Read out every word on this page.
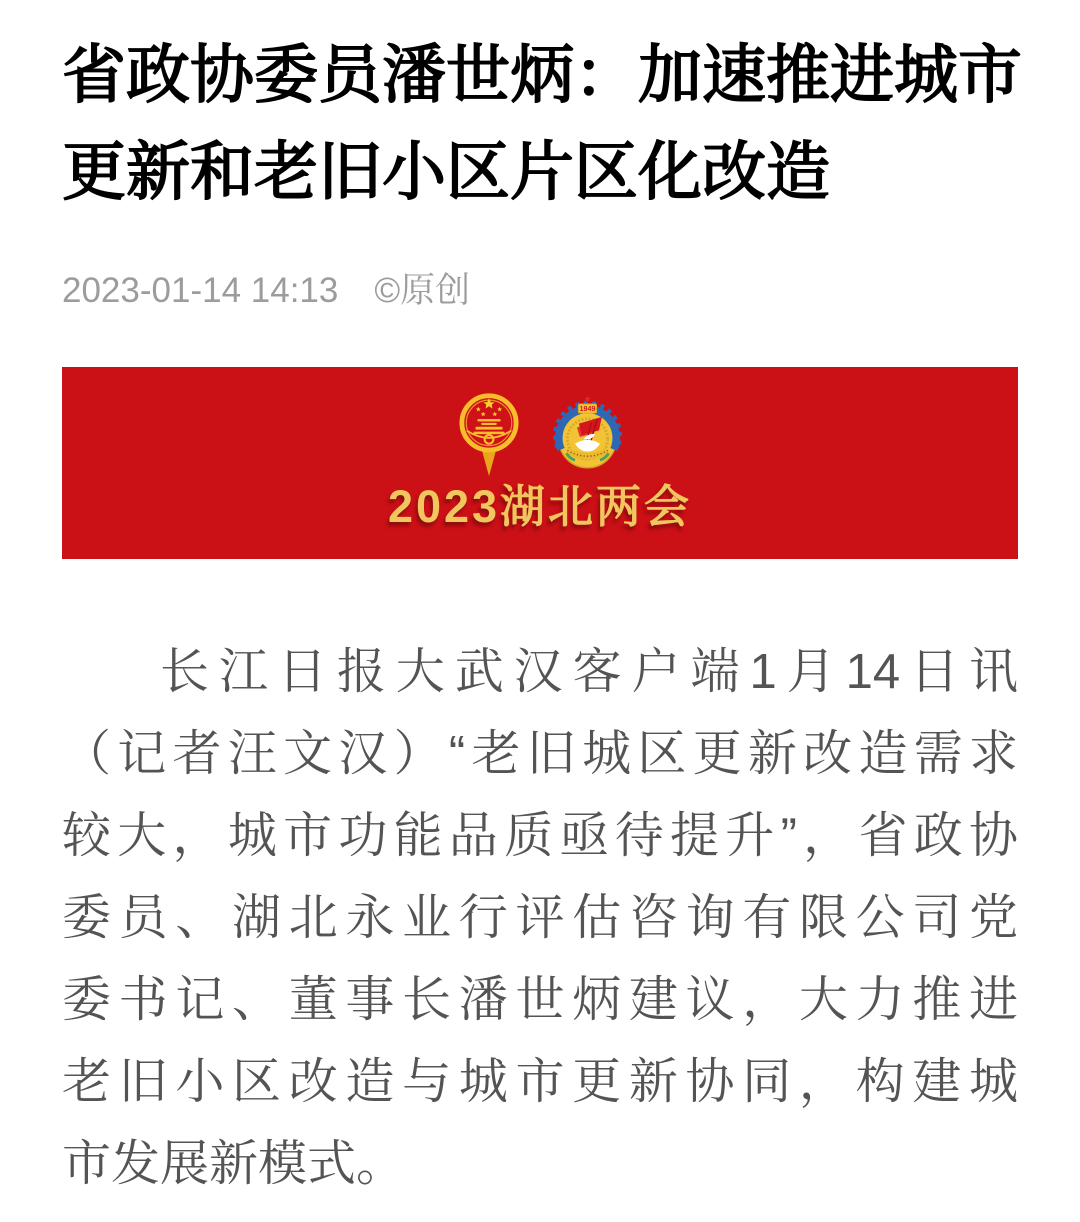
省政协委员潘世炳：加速推进城市
更新和老旧小区片区化改造
2023-01-14 14:13 ©原创
1949
2023湖北两会
长江日报大武汉客户端1月14日讯
（记者汪文汉）“老旧城区更新改造需求
较大，城市功能品质亟待提升”，省政协
委员、湖北永业行评估咨询有限公司党
委书记、董事长潘世炳建议，大力推进
老旧小区改造与城市更新协同，构建城
市发展新模式。
